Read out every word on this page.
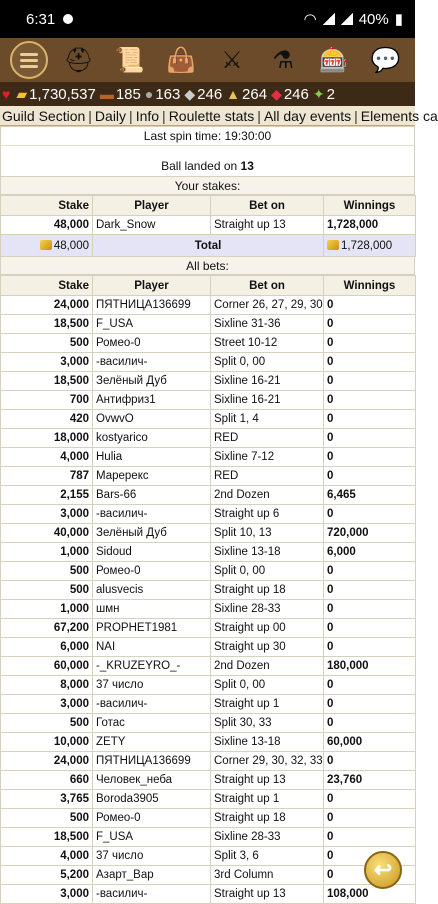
6:31	◠	40% ▮
⛑ 📜 👜	⚔	⚗	🎰 💬
♥ ▰ 1,730,537 ▬ 185 ● 163 ◆ 246 ▲ 264 ◆ 246 ✦ 2
Guild Section | Daily | Info | Roulette stats | All day events | Elements ca
Last spin time: 19:30:00
Ball landed on 13
Your stakes:
Stake	Player	Bet on	Winnings
48,000	Dark_Snow	Straight up 13	1,728,000
48,000	Total		1,728,000
All bets:
Stake	Player	Bet on	Winnings
24,000	ПЯТНИЦА136699	Corner 26, 27, 29, 30	0
18,500	F_USA	Sixline 31-36	0
500	Ромео-0	Street 10-12	0
3,000	-василич-	Split 0, 00	0
18,500	Зелёный Дуб	Sixline 16-21	0
700	Антифриз1	Sixline 16-21	0
420	OvwvO	Split 1, 4	0
18,000	kostyarico	RED	0
4,000	Hulia	Sixline 7-12	0
787	Маререкс	RED	0
2,155	Bars-66	2nd Dozen	6,465
3,000	-василич-	Straight up 6	0
40,000	Зелёный Дуб	Split 10, 13	720,000
1,000	Sidoud	Sixline 13-18	6,000
500	Ромео-0	Split 0, 00	0
500	alusvecis	Straight up 18	0
1,000	шмн	Sixline 28-33	0
67,200	PROPHET1981	Straight up 00	0
6,000	NAI	Straight up 30	0
60,000	-_KRUZEYRO_-	2nd Dozen	180,000
8,000	37 число	Split 0, 00	0
3,000	-василич-	Straight up 1	0
500	Готас	Split 30, 33	0
10,000	ZETY	Sixline 13-18	60,000
24,000	ПЯТНИЦА136699	Corner 29, 30, 32, 33	0
660	Человек_неба	Straight up 13	23,760
3,765	Boroda3905	Straight up 1	0
500	Ромео-0	Straight up 18	0
18,500	F_USA	Sixline 28-33	0
4,000	37 число	Split 3, 6	0
5,200	Азарт_Вар	3rd Column	0
3,000	-василич-	Straight up 13	108,000
↩
